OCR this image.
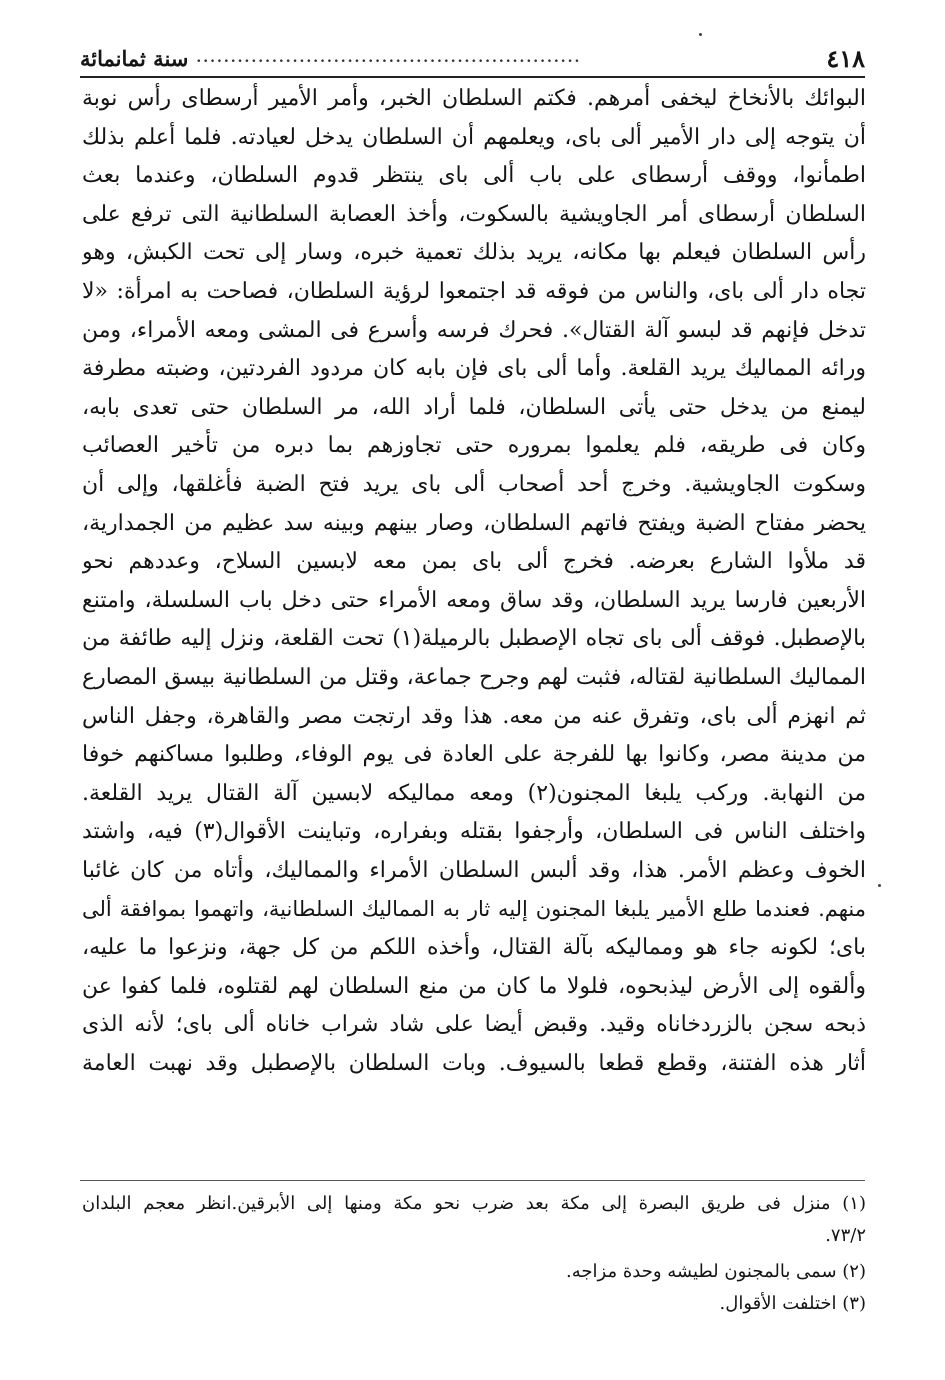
٤١٨
........................................................
سنة ثمانمائة
البوائك بالأنخاخ ليخفى أمرهم. فكتم السلطان الخبر، وأمر الأمير أرسطاى رأس نوبة
أن يتوجه إلى دار الأمير ألى باى، ويعلمهم أن السلطان يدخل لعيادته. فلما أعلم بذلك
اطمأنوا، ووقف أرسطاى على باب ألى باى ينتظر قدوم السلطان، وعندما بعث
السلطان أرسطاى أمر الجاويشية بالسكوت، وأخذ العصابة السلطانية التى ترفع على
رأس السلطان فيعلم بها مكانه، يريد بذلك تعمية خبره، وسار إلى تحت الكبش، وهو
تجاه دار ألى باى، والناس من فوقه قد اجتمعوا لرؤية السلطان، فصاحت به امرأة: «لا
تدخل فإنهم قد لبسو آلة القتال». فحرك فرسه وأسرع فى المشى ومعه الأمراء، ومن
ورائه المماليك يريد القلعة. وأما ألى باى فإن بابه كان مردود الفردتين، وضبته مطرفة
ليمنع من يدخل حتى يأتى السلطان، فلما أراد الله، مر السلطان حتى تعدى بابه،
وكان فى طريقه، فلم يعلموا بمروره حتى تجاوزهم بما دبره من تأخير العصائب
وسكوت الجاويشية. وخرج أحد أصحاب ألى باى يريد فتح الضبة فأغلقها، وإلى أن
يحضر مفتاح الضبة ويفتح فاتهم السلطان، وصار بينهم وبينه سد عظيم من الجمدارية،
قد ملأوا الشارع بعرضه. فخرج ألى باى بمن معه لابسين السلاح، وعددهم نحو
الأربعين فارسا يريد السلطان، وقد ساق ومعه الأمراء حتى دخل باب السلسلة، وامتنع
بالإصطبل. فوقف ألى باى تجاه الإصطبل بالرميلة(١) تحت القلعة، ونزل إليه طائفة من
المماليك السلطانية لقتاله، فثبت لهم وجرح جماعة، وقتل من السلطانية بيسق المصارع
ثم انهزم ألى باى، وتفرق عنه من معه. هذا وقد ارتجت مصر والقاهرة، وجفل الناس
من مدينة مصر، وكانوا بها للفرجة على العادة فى يوم الوفاء، وطلبوا مساكنهم خوفا
من النهابة. وركب يلبغا المجنون(٢) ومعه مماليكه لابسين آلة القتال يريد القلعة.
واختلف الناس فى السلطان، وأرجفوا بقتله وبفراره، وتباينت الأقوال(٣) فيه، واشتد
الخوف وعظم الأمر. هذا، وقد ألبس السلطان الأمراء والمماليك، وأتاه من كان غائبا
منهم. فعندما طلع الأمير يلبغا المجنون إليه ثار به المماليك السلطانية، واتهموا بموافقة ألى
باى؛ لكونه جاء هو ومماليكه بآلة القتال، وأخذه اللكم من كل جهة، ونزعوا ما عليه،
وألقوه إلى الأرض ليذبحوه، فلولا ما كان من منع السلطان لهم لقتلوه، فلما كفوا عن
ذبحه سجن بالزردخاناه وقيد. وقبض أيضا على شاد شراب خاناه ألى باى؛ لأنه الذى
أثار هذه الفتنة، وقطع قطعا بالسيوف. وبات السلطان بالإصطبل وقد نهبت العامة
(١) منزل فى طريق البصرة إلى مكة بعد ضرب نحو مكة ومنها إلى الأبرقين.انظر معجم البلدان
٧٣/٢.
(٢) سمى بالمجنون لطيشه وحدة مزاجه.
(٣) اختلفت الأقوال.
